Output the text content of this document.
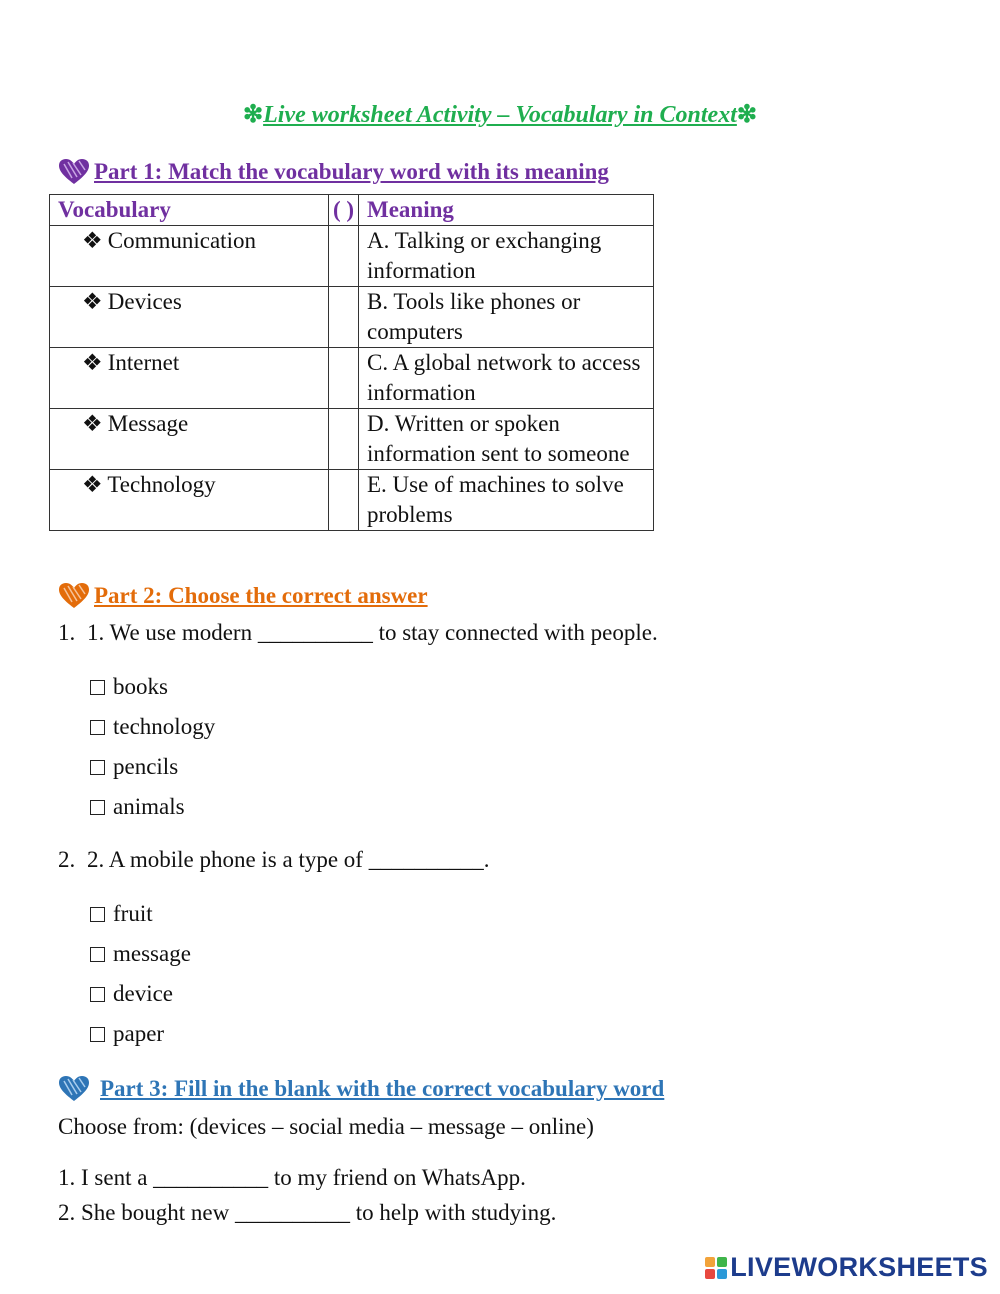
❇Live worksheet Activity – Vocabulary in Context❇
Part 1: Match the vocabulary word with its meaning
Vocabulary	( )	Meaning
❖ Communication		A. Talking or exchanging information
❖ Devices		B. Tools like phones or computers
❖ Internet		C. A global network to access information
❖ Message		D. Written or spoken information sent to someone
❖ Technology		E. Use of machines to solve problems
Part 2: Choose the correct answer
1. 1. We use modern __________ to stay connected with people.
books
technology
pencils
animals
2. 2. A mobile phone is a type of __________.
fruit
message
device
paper
Part 3: Fill in the blank with the correct vocabulary word
Choose from: (devices – social media – message – online)
1. I sent a __________ to my friend on WhatsApp.
2. She bought new __________ to help with studying.
LIVEWORKSHEETS
